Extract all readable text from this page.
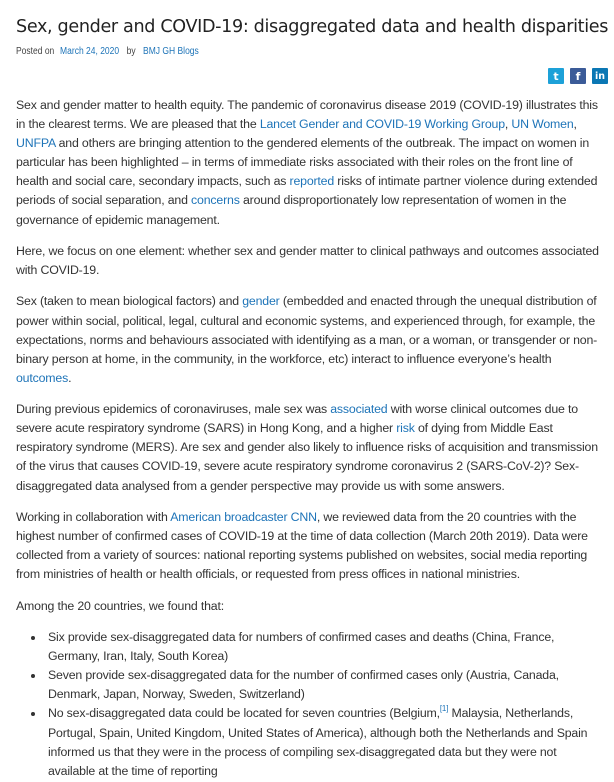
Sex, gender and COVID-19: disaggregated data and health disparities
Posted on March 24, 2020 by BMJ GH Blogs
t	f	in

Sex and gender matter to health equity. The pandemic of coronavirus disease 2019 (COVID-19) illustrates this in the clearest terms. We are pleased that the Lancet Gender and COVID-19 Working Group, UN Women, UNFPA and others are bringing attention to the gendered elements of the outbreak. The impact on women in particular has been highlighted – in terms of immediate risks associated with their roles on the front line of health and social care, secondary impacts, such as reported risks of intimate partner violence during extended periods of social separation, and concerns around disproportionately low representation of women in the governance of epidemic management.

Here, we focus on one element: whether sex and gender matter to clinical pathways and outcomes associated with COVID-19.

Sex (taken to mean biological factors) and gender (embedded and enacted through the unequal distribution of power within social, political, legal, cultural and economic systems, and experienced through, for example, the expectations, norms and behaviours associated with identifying as a man, or a woman, or transgender or non-binary person at home, in the community, in the workforce, etc) interact to influence everyone’s health outcomes.

During previous epidemics of coronaviruses, male sex was associated with worse clinical outcomes due to severe acute respiratory syndrome (SARS) in Hong Kong, and a higher risk of dying from Middle East respiratory syndrome (MERS). Are sex and gender also likely to influence risks of acquisition and transmission of the virus that causes COVID-19, severe acute respiratory syndrome coronavirus 2 (SARS-CoV-2)? Sex-disaggregated data analysed from a gender perspective may provide us with some answers.

Working in collaboration with American broadcaster CNN, we reviewed data from the 20 countries with the highest number of confirmed cases of COVID-19 at the time of data collection (March 20th 2019). Data were collected from a variety of sources: national reporting systems published on websites, social media reporting from ministries of health or health officials, or requested from press offices in national ministries.

Among the 20 countries, we found that:

Six provide sex-disaggregated data for numbers of confirmed cases and deaths (China, France, Germany, Iran, Italy, South Korea)
Seven provide sex-disaggregated data for the number of confirmed cases only (Austria, Canada, Denmark, Japan, Norway, Sweden, Switzerland)
No sex-disaggregated data could be located for seven countries (Belgium,[1] Malaysia, Netherlands, Portugal, Spain, United Kingdom, United States of America), although both the Netherlands and Spain informed us that they were in the process of compiling sex-disaggregated data but they were not available at the time of reporting
